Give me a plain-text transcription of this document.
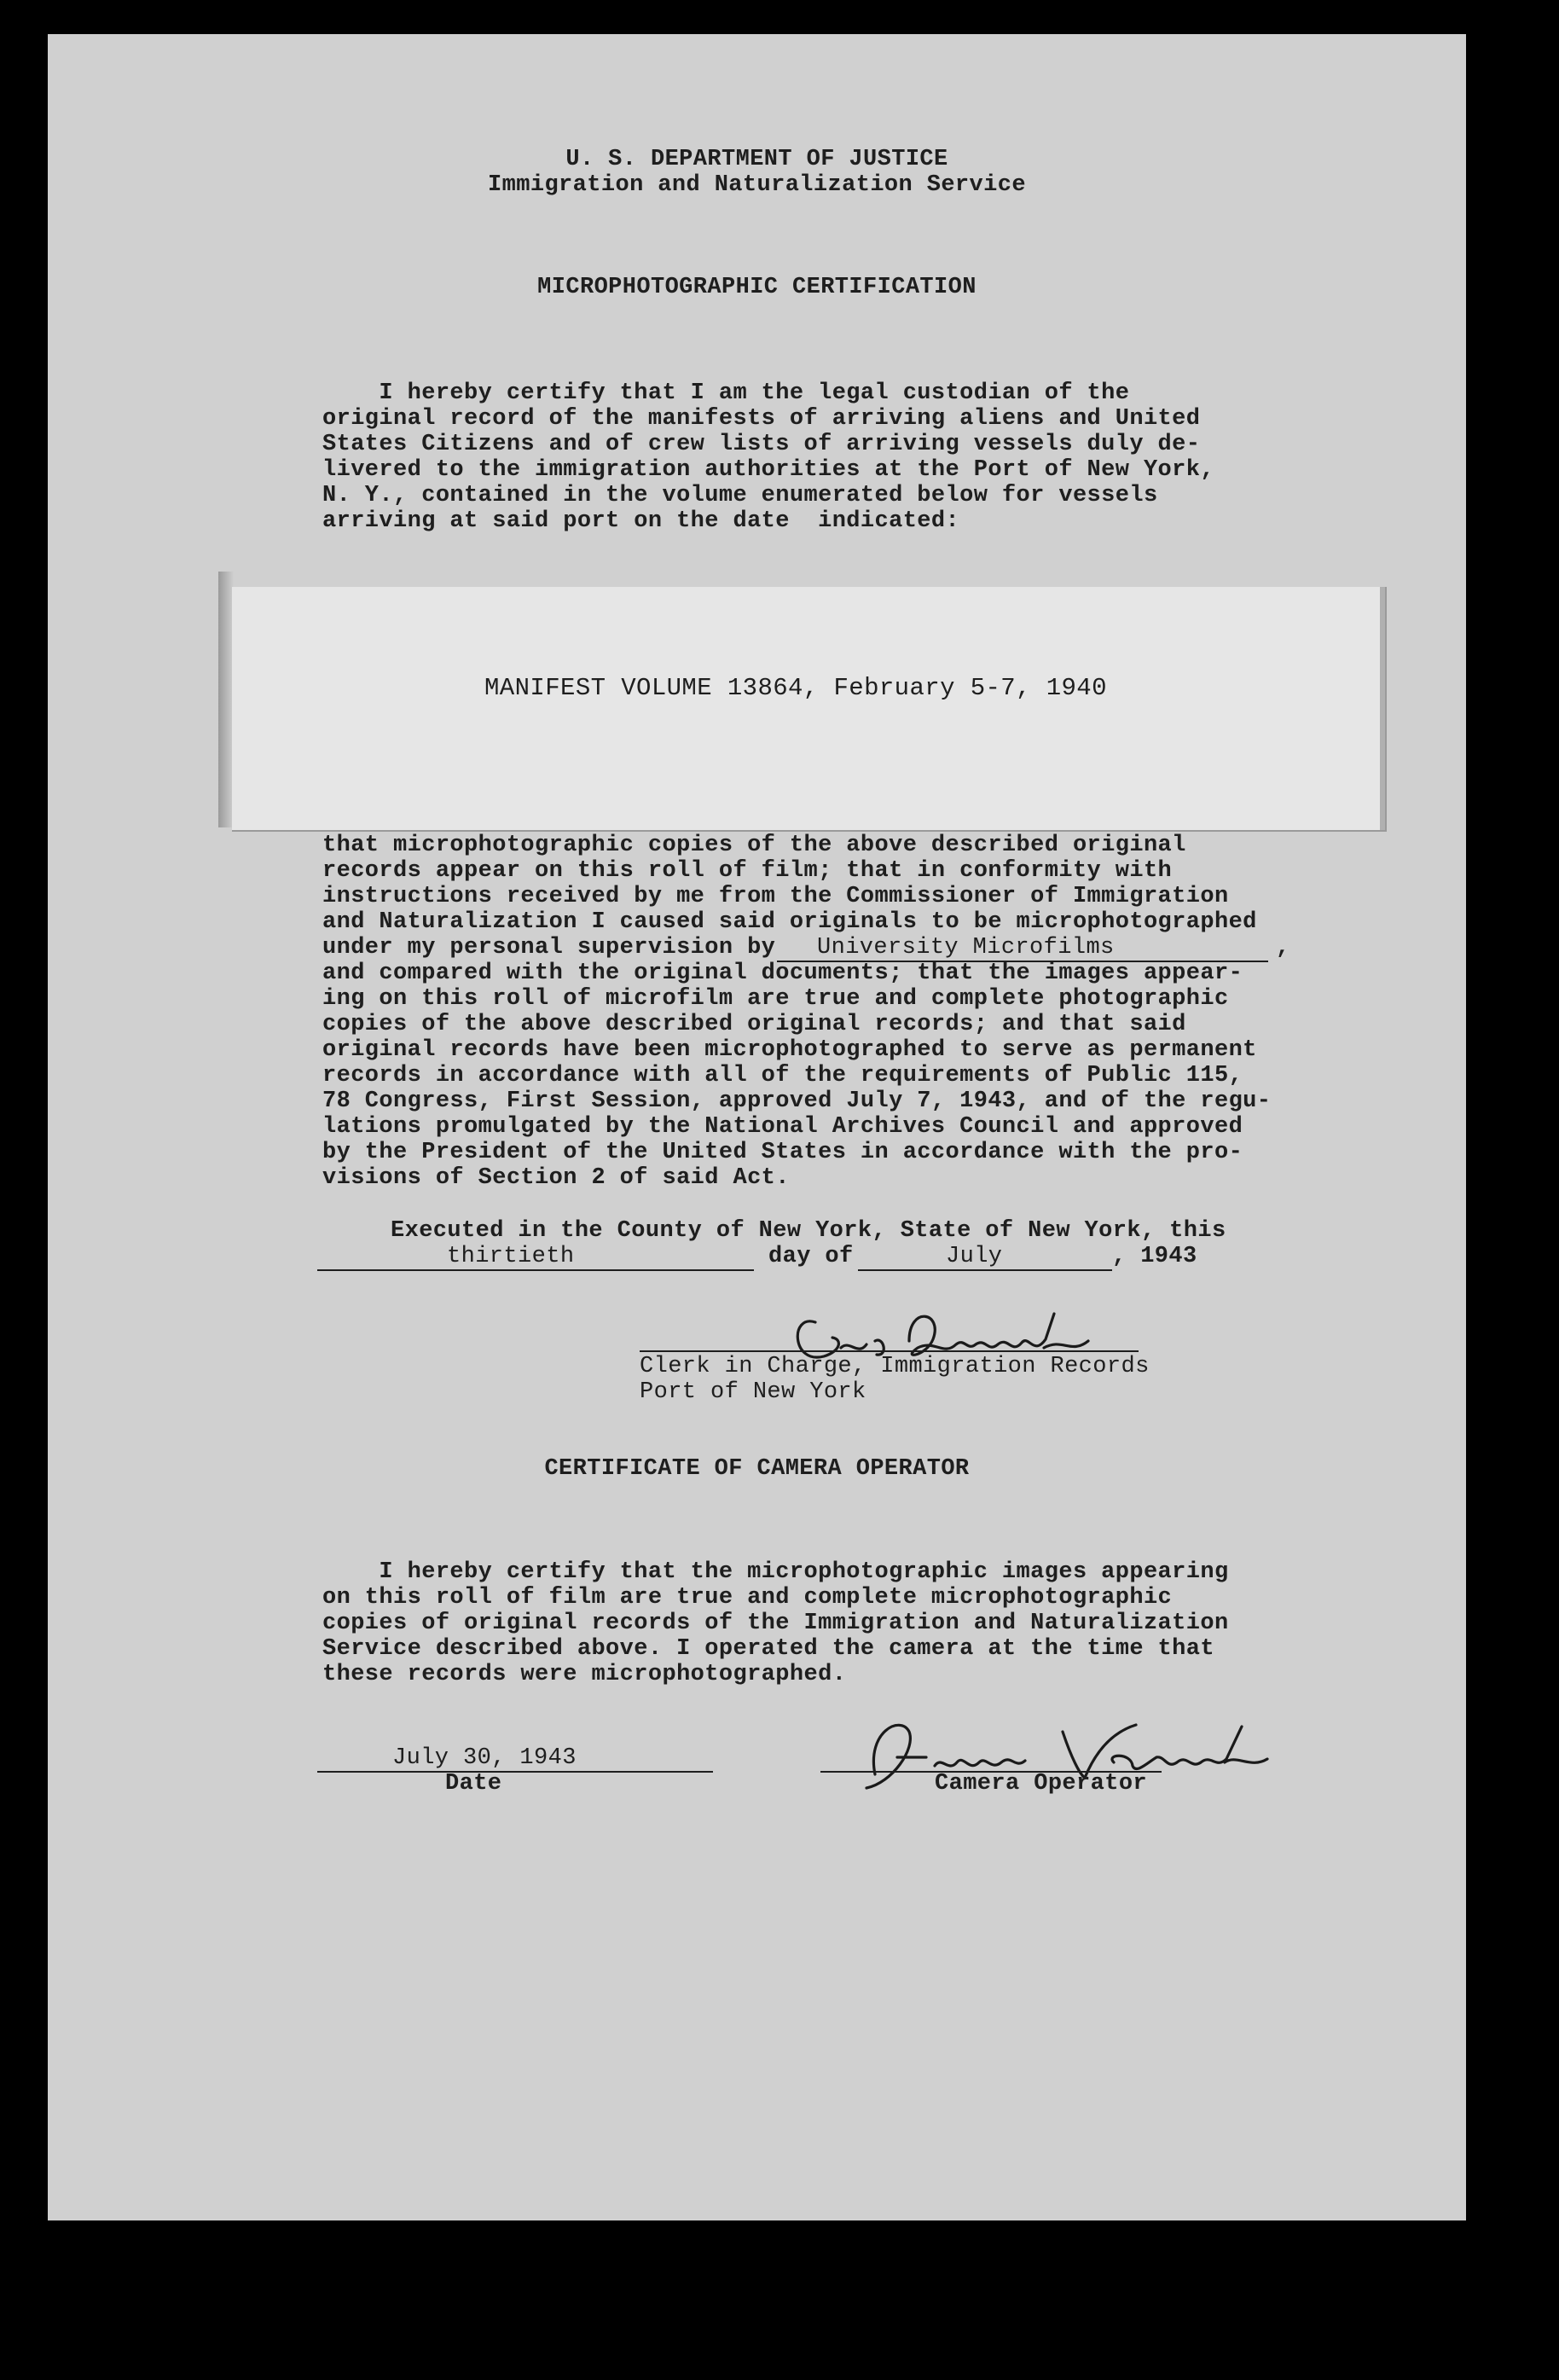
U. S. DEPARTMENT OF JUSTICE
Immigration and Naturalization Service
MICROPHOTOGRAPHIC CERTIFICATION
I hereby certify that I am the legal custodian of the
original record of the manifests of arriving aliens and United
States Citizens and of crew lists of arriving vessels duly de-
livered to the immigration authorities at the Port of New York,
N. Y., contained in the volume enumerated below for vessels
arriving at said port on the date  indicated:
MANIFEST VOLUME 13864, February 5-7, 1940
that microphotographic copies of the above described original
records appear on this roll of film; that in conformity with
instructions received by me from the Commissioner of Immigration
and Naturalization I caused said originals to be microphotographed
under my personal supervision by University Microfilms	,
and compared with the original documents; that the images appear-
ing on this roll of microfilm are true and complete photographic
copies of the above described original records; and that said
original records have been microphotographed to serve as permanent
records in accordance with all of the requirements of Public 115,
78 Congress, First Session, approved July 7, 1943, and of the regu-
lations promulgated by the National Archives Council and approved
by the President of the United States in accordance with the pro-
visions of Section 2 of said Act.
Executed in the County of New York, State of New York, this
thirtieth	day of	July	, 1943
Clerk in Charge, Immigration Records
Port of New York
CERTIFICATE OF CAMERA OPERATOR
I hereby certify that the microphotographic images appearing
on this roll of film are true and complete microphotographic
copies of original records of the Immigration and Naturalization
Service described above. I operated the camera at the time that
these records were microphotographed.
July 30, 1943
Date	Camera Operator
